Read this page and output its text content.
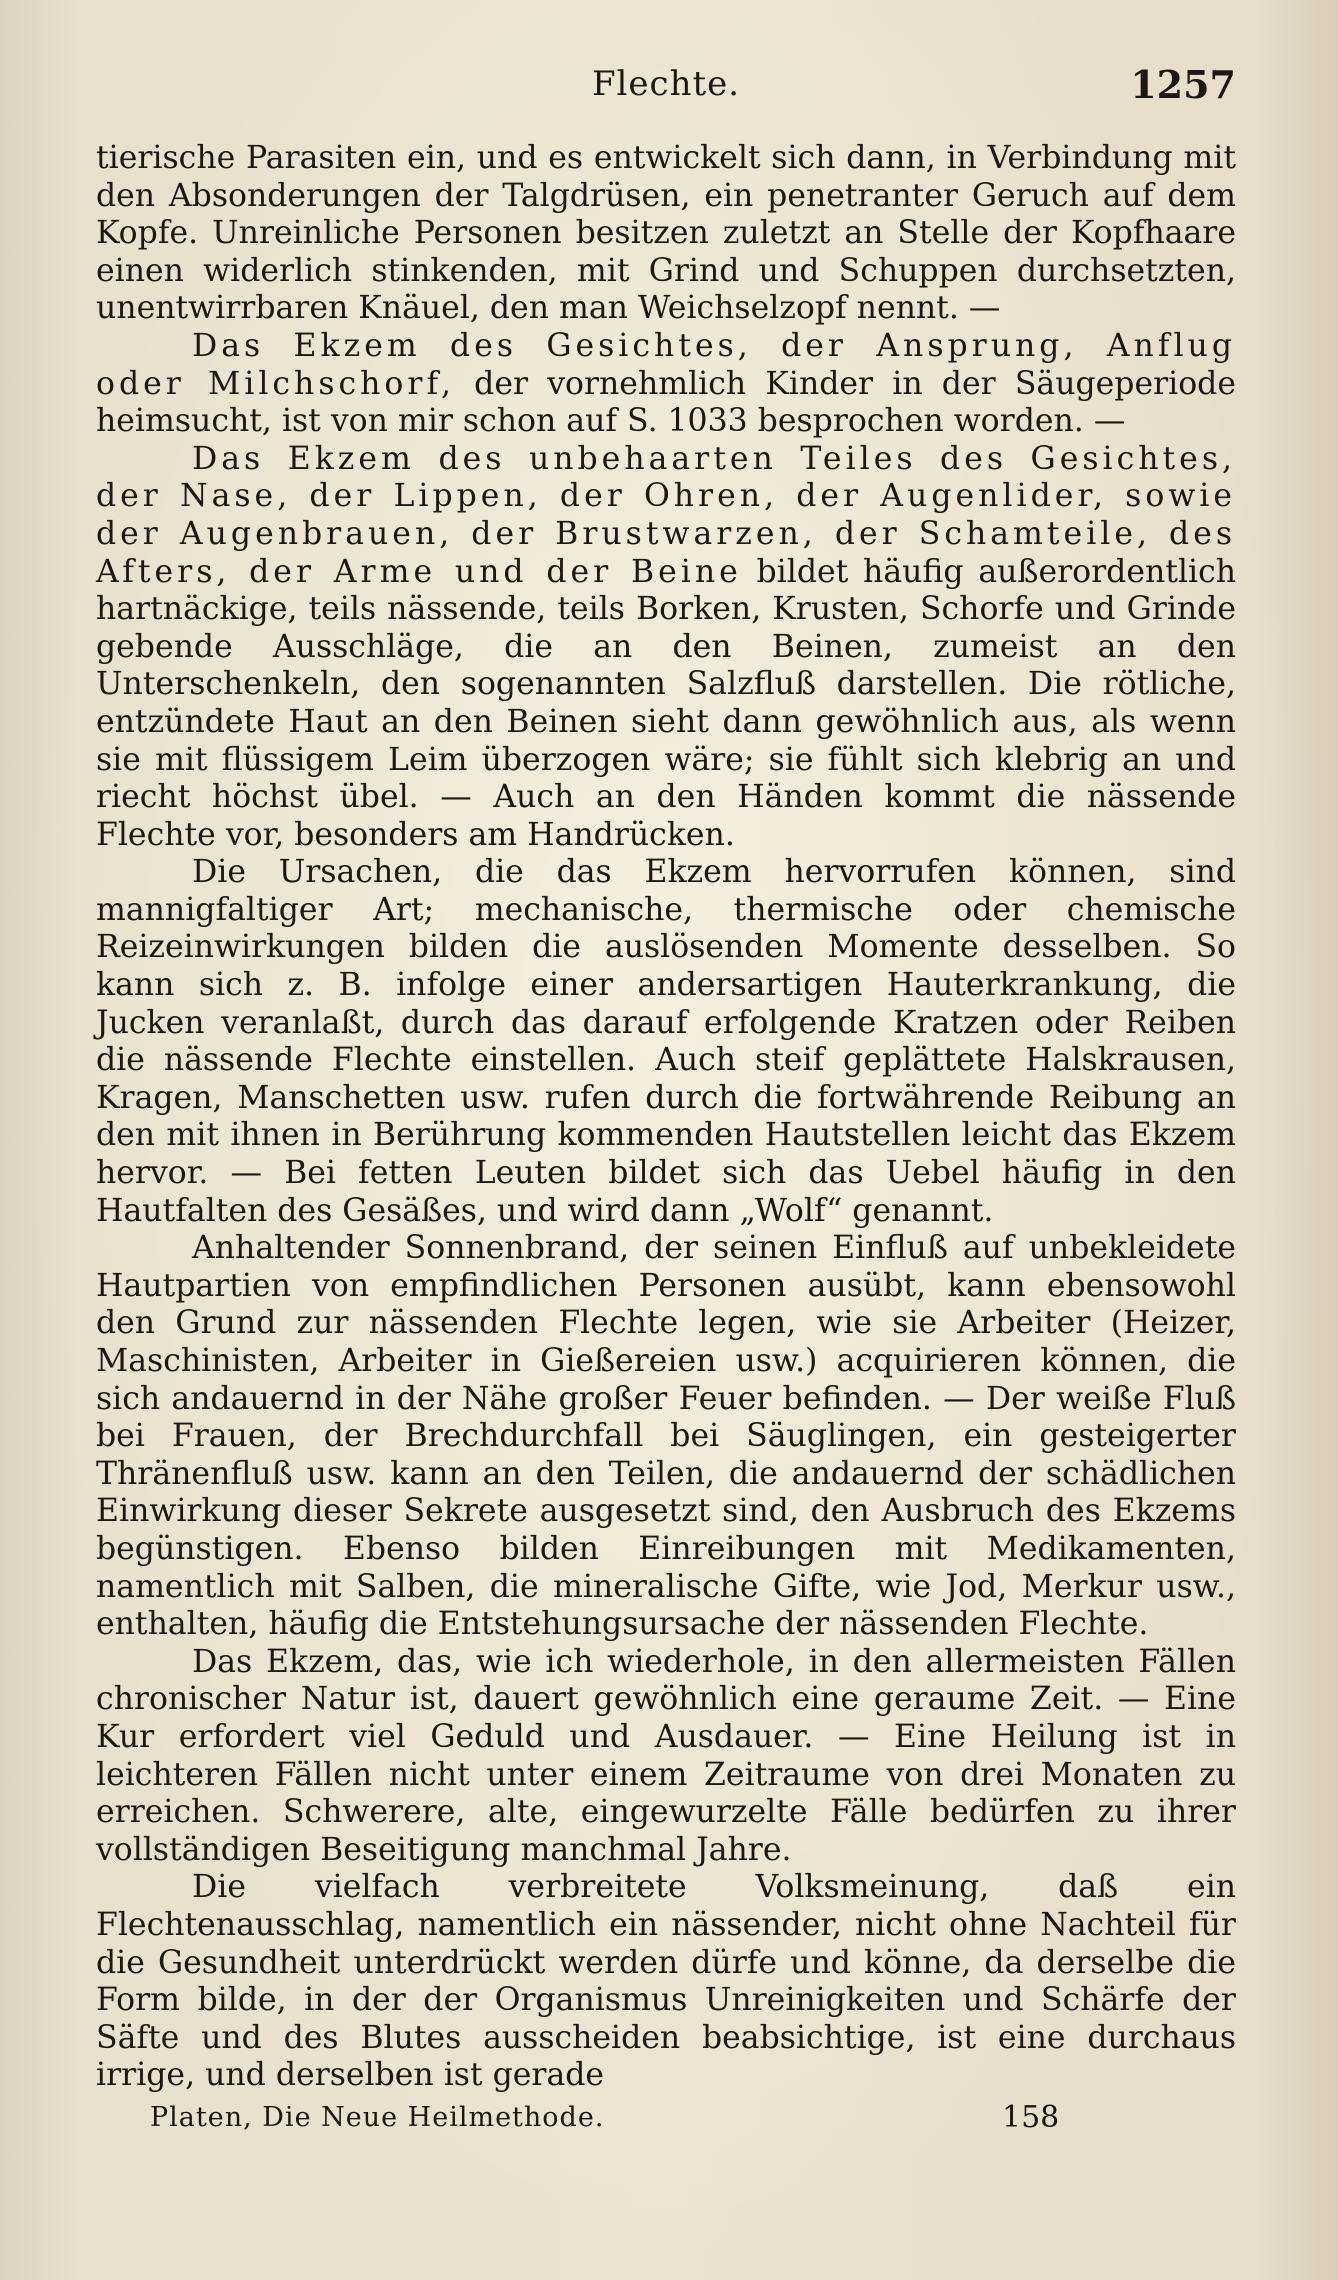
Flechte.	1257

tierische Parasiten ein, und es entwickelt sich dann, in Verbindung mit den Absonderungen der Talgdrüsen, ein penetranter Geruch auf dem Kopfe. Unreinliche Personen besitzen zuletzt an Stelle der Kopfhaare einen widerlich stinkenden, mit Grind und Schuppen durchsetzten, unentwirrbaren Knäuel, den man Weichselzopf nennt. —

Das Ekzem des Gesichtes, der Ansprung, Anflug oder Milchschorf, der vornehmlich Kinder in der Säugeperiode heimsucht, ist von mir schon auf S. 1033 besprochen worden. —

Das Ekzem des unbehaarten Teiles des Gesichtes, der Nase, der Lippen, der Ohren, der Augenlider, sowie der Augenbrauen, der Brustwarzen, der Schamteile, des Afters, der Arme und der Beine bildet häufig außerordentlich hartnäckige, teils nässende, teils Borken, Krusten, Schorfe und Grinde gebende Ausschläge, die an den Beinen, zumeist an den Unterschenkeln, den sogenannten Salzfluß darstellen. Die rötliche, entzündete Haut an den Beinen sieht dann gewöhnlich aus, als wenn sie mit flüssigem Leim überzogen wäre; sie fühlt sich klebrig an und riecht höchst übel. — Auch an den Händen kommt die nässende Flechte vor, besonders am Handrücken.

Die Ursachen, die das Ekzem hervorrufen können, sind mannigfaltiger Art; mechanische, thermische oder chemische Reizeinwirkungen bilden die auslösenden Momente desselben. So kann sich z. B. infolge einer andersartigen Hauterkrankung, die Jucken veranlaßt, durch das darauf erfolgende Kratzen oder Reiben die nässende Flechte einstellen. Auch steif geplättete Halskrausen, Kragen, Manschetten usw. rufen durch die fortwährende Reibung an den mit ihnen in Berührung kommenden Hautstellen leicht das Ekzem hervor. — Bei fetten Leuten bildet sich das Uebel häufig in den Hautfalten des Gesäßes, und wird dann „Wolf“ genannt.

Anhaltender Sonnenbrand, der seinen Einfluß auf unbekleidete Hautpartien von empfindlichen Personen ausübt, kann ebensowohl den Grund zur nässenden Flechte legen, wie sie Arbeiter (Heizer, Maschinisten, Arbeiter in Gießereien usw.) acquirieren können, die sich andauernd in der Nähe großer Feuer befinden. — Der weiße Fluß bei Frauen, der Brechdurchfall bei Säuglingen, ein gesteigerter Thränenfluß usw. kann an den Teilen, die andauernd der schädlichen Einwirkung dieser Sekrete ausgesetzt sind, den Ausbruch des Ekzems begünstigen. Ebenso bilden Einreibungen mit Medikamenten, namentlich mit Salben, die mineralische Gifte, wie Jod, Merkur usw., enthalten, häufig die Entstehungsursache der nässenden Flechte.

Das Ekzem, das, wie ich wiederhole, in den allermeisten Fällen chronischer Natur ist, dauert gewöhnlich eine geraume Zeit. — Eine Kur erfordert viel Geduld und Ausdauer. — Eine Heilung ist in leichteren Fällen nicht unter einem Zeitraume von drei Monaten zu erreichen. Schwerere, alte, eingewurzelte Fälle bedürfen zu ihrer vollständigen Beseitigung manchmal Jahre.

Die vielfach verbreitete Volksmeinung, daß ein Flechtenausschlag, namentlich ein nässender, nicht ohne Nachteil für die Gesundheit unterdrückt werden dürfe und könne, da derselbe die Form bilde, in der der Organismus Unreinigkeiten und Schärfe der Säfte und des Blutes ausscheiden beabsichtige, ist eine durchaus irrige, und derselben ist gerade

Platen, Die Neue Heilmethode.	158
